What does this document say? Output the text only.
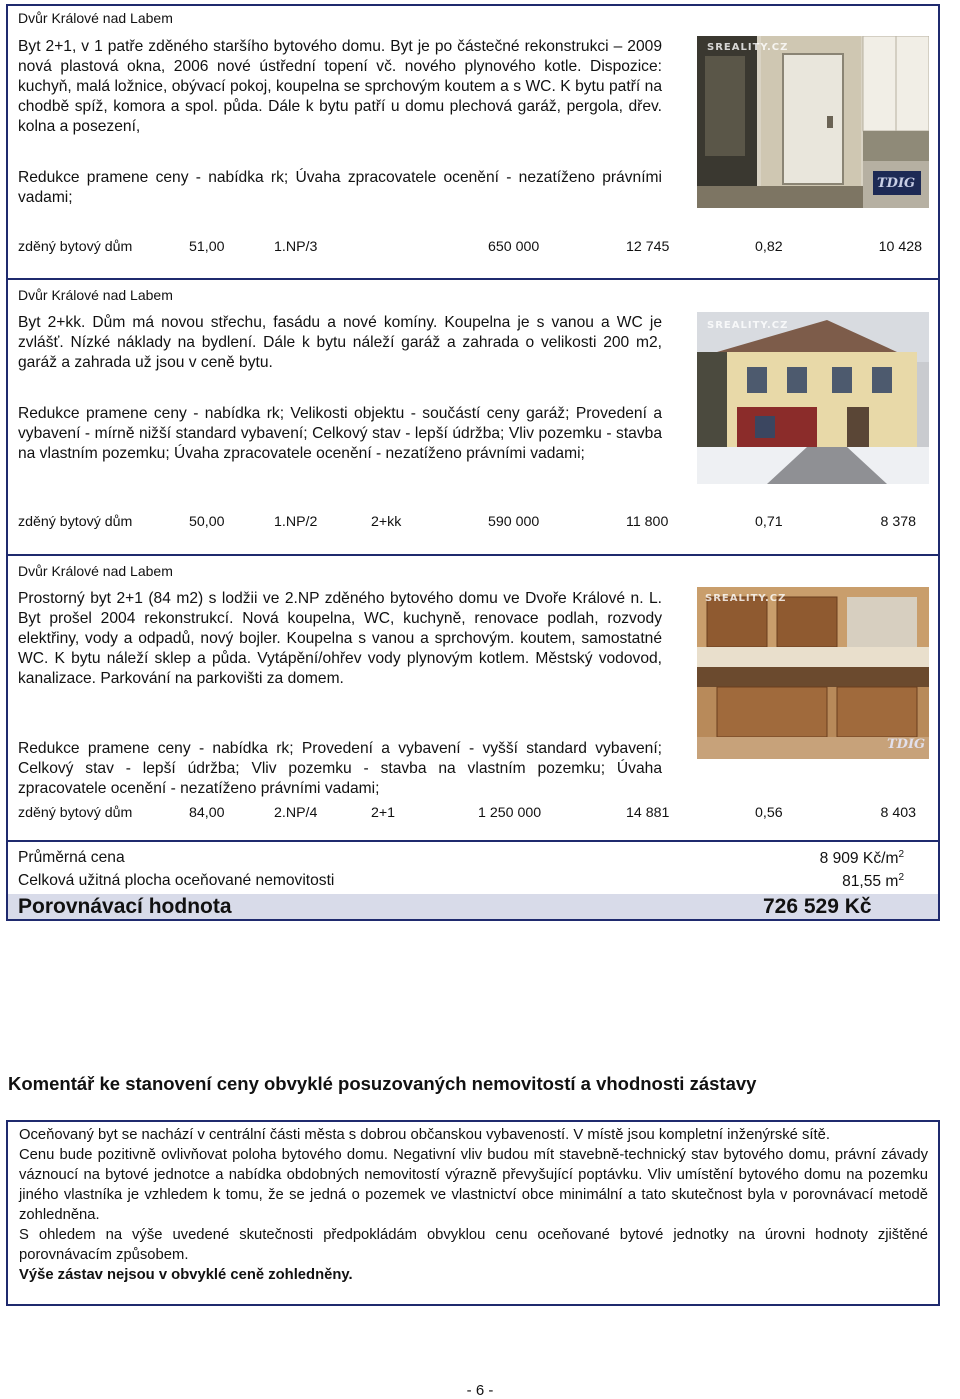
Dvůr Králové nad Labem
Byt 2+1, v 1 patře zděného staršího bytového domu. Byt je po částečné rekonstrukci – 2009 nová plastová okna, 2006 nové ústřední topení vč. nového plynového kotle. Dispozice: kuchyň, malá ložnice, obývací pokoj, koupelna se sprchovým koutem a s WC. K bytu patří na chodbě spíž, komora a spol. půda. Dále k bytu patří u domu plechová garáž, pergola, dřev. kolna a posezení,
Redukce pramene ceny - nabídka rk; Úvaha zpracovatele ocenění - nezatíženo právními vadami;
SREALITY.CZ
TDIG
zděný bytový dům	51,00	1.NP/3	650 000	12 745	0,82	10 428
Dvůr Králové nad Labem
Byt 2+kk. Dům má novou střechu, fasádu a nové komíny. Koupelna je s vanou a WC je zvlášť. Nízké náklady na bydlení. Dále k bytu náleží garáž a zahrada o velikosti 200 m2, garáž a zahrada už jsou v ceně bytu.
Redukce pramene ceny - nabídka rk; Velikosti objektu - součástí ceny garáž; Provedení a vybavení - mírně nižší standard vybavení; Celkový stav - lepší údržba; Vliv pozemku - stavba na vlastním pozemku; Úvaha zpracovatele ocenění - nezatíženo právními vadami;
SREALITY.CZ
zděný bytový dům	50,00	1.NP/2	2+kk	590 000	11 800	0,71	8 378
Dvůr Králové nad Labem
Prostorný byt 2+1 (84 m2) s lodžii ve 2.NP zděného bytového domu ve Dvoře Králové n. L. Byt prošel 2004 rekonstrukcí. Nová koupelna, WC, kuchyně, renovace podlah, rozvody elektřiny, vody a odpadů, nový bojler. Koupelna s vanou a sprchovým. koutem, samostatné WC. K bytu náleží sklep a půda. Vytápění/ohřev vody plynovým kotlem. Městský vodovod, kanalizace. Parkování na parkovišti za domem.
Redukce pramene ceny - nabídka rk; Provedení a vybavení - vyšší standard vybavení; Celkový stav - lepší údržba; Vliv pozemku - stavba na vlastním pozemku; Úvaha zpracovatele ocenění - nezatíženo právními vadami;
SREALITY.CZ
TDIG
zděný bytový dům	84,00	2.NP/4	2+1	1 250 000	14 881	0,56	8 403
Průměrná cena	8 909 $Kč/m^2$
Celková užitná plocha oceňované nemovitosti	81,55 $m^2$
Porovnávací hodnota	726 529 Kč
Komentář ke stanovení ceny obvyklé posuzovaných nemovitostí a vhodnosti zástavy

Oceňovaný byt se nachází v centrální části města s dobrou občanskou vybaveností. V místě jsou kompletní inženýrské sítě.

Cenu bude pozitivně ovlivňovat poloha bytového domu. Negativní vliv budou mít stavebně-technický stav bytového domu, právní závady váznoucí na bytové jednotce a nabídka obdobných nemovitostí výrazně převyšující poptávku. Vliv umístění bytového domu na pozemku jiného vlastníka je vzhledem k tomu, že se jedná o pozemek ve vlastnictví obce minimální a tato skutečnost byla v porovnávací metodě zohledněna.

S ohledem na výše uvedené skutečnosti předpokládám obvyklou cenu oceňované bytové jednotky na úrovni hodnoty zjištěné porovnávacím způsobem.

Výše zástav nejsou v obvyklé ceně zohledněny.

- 6 -
